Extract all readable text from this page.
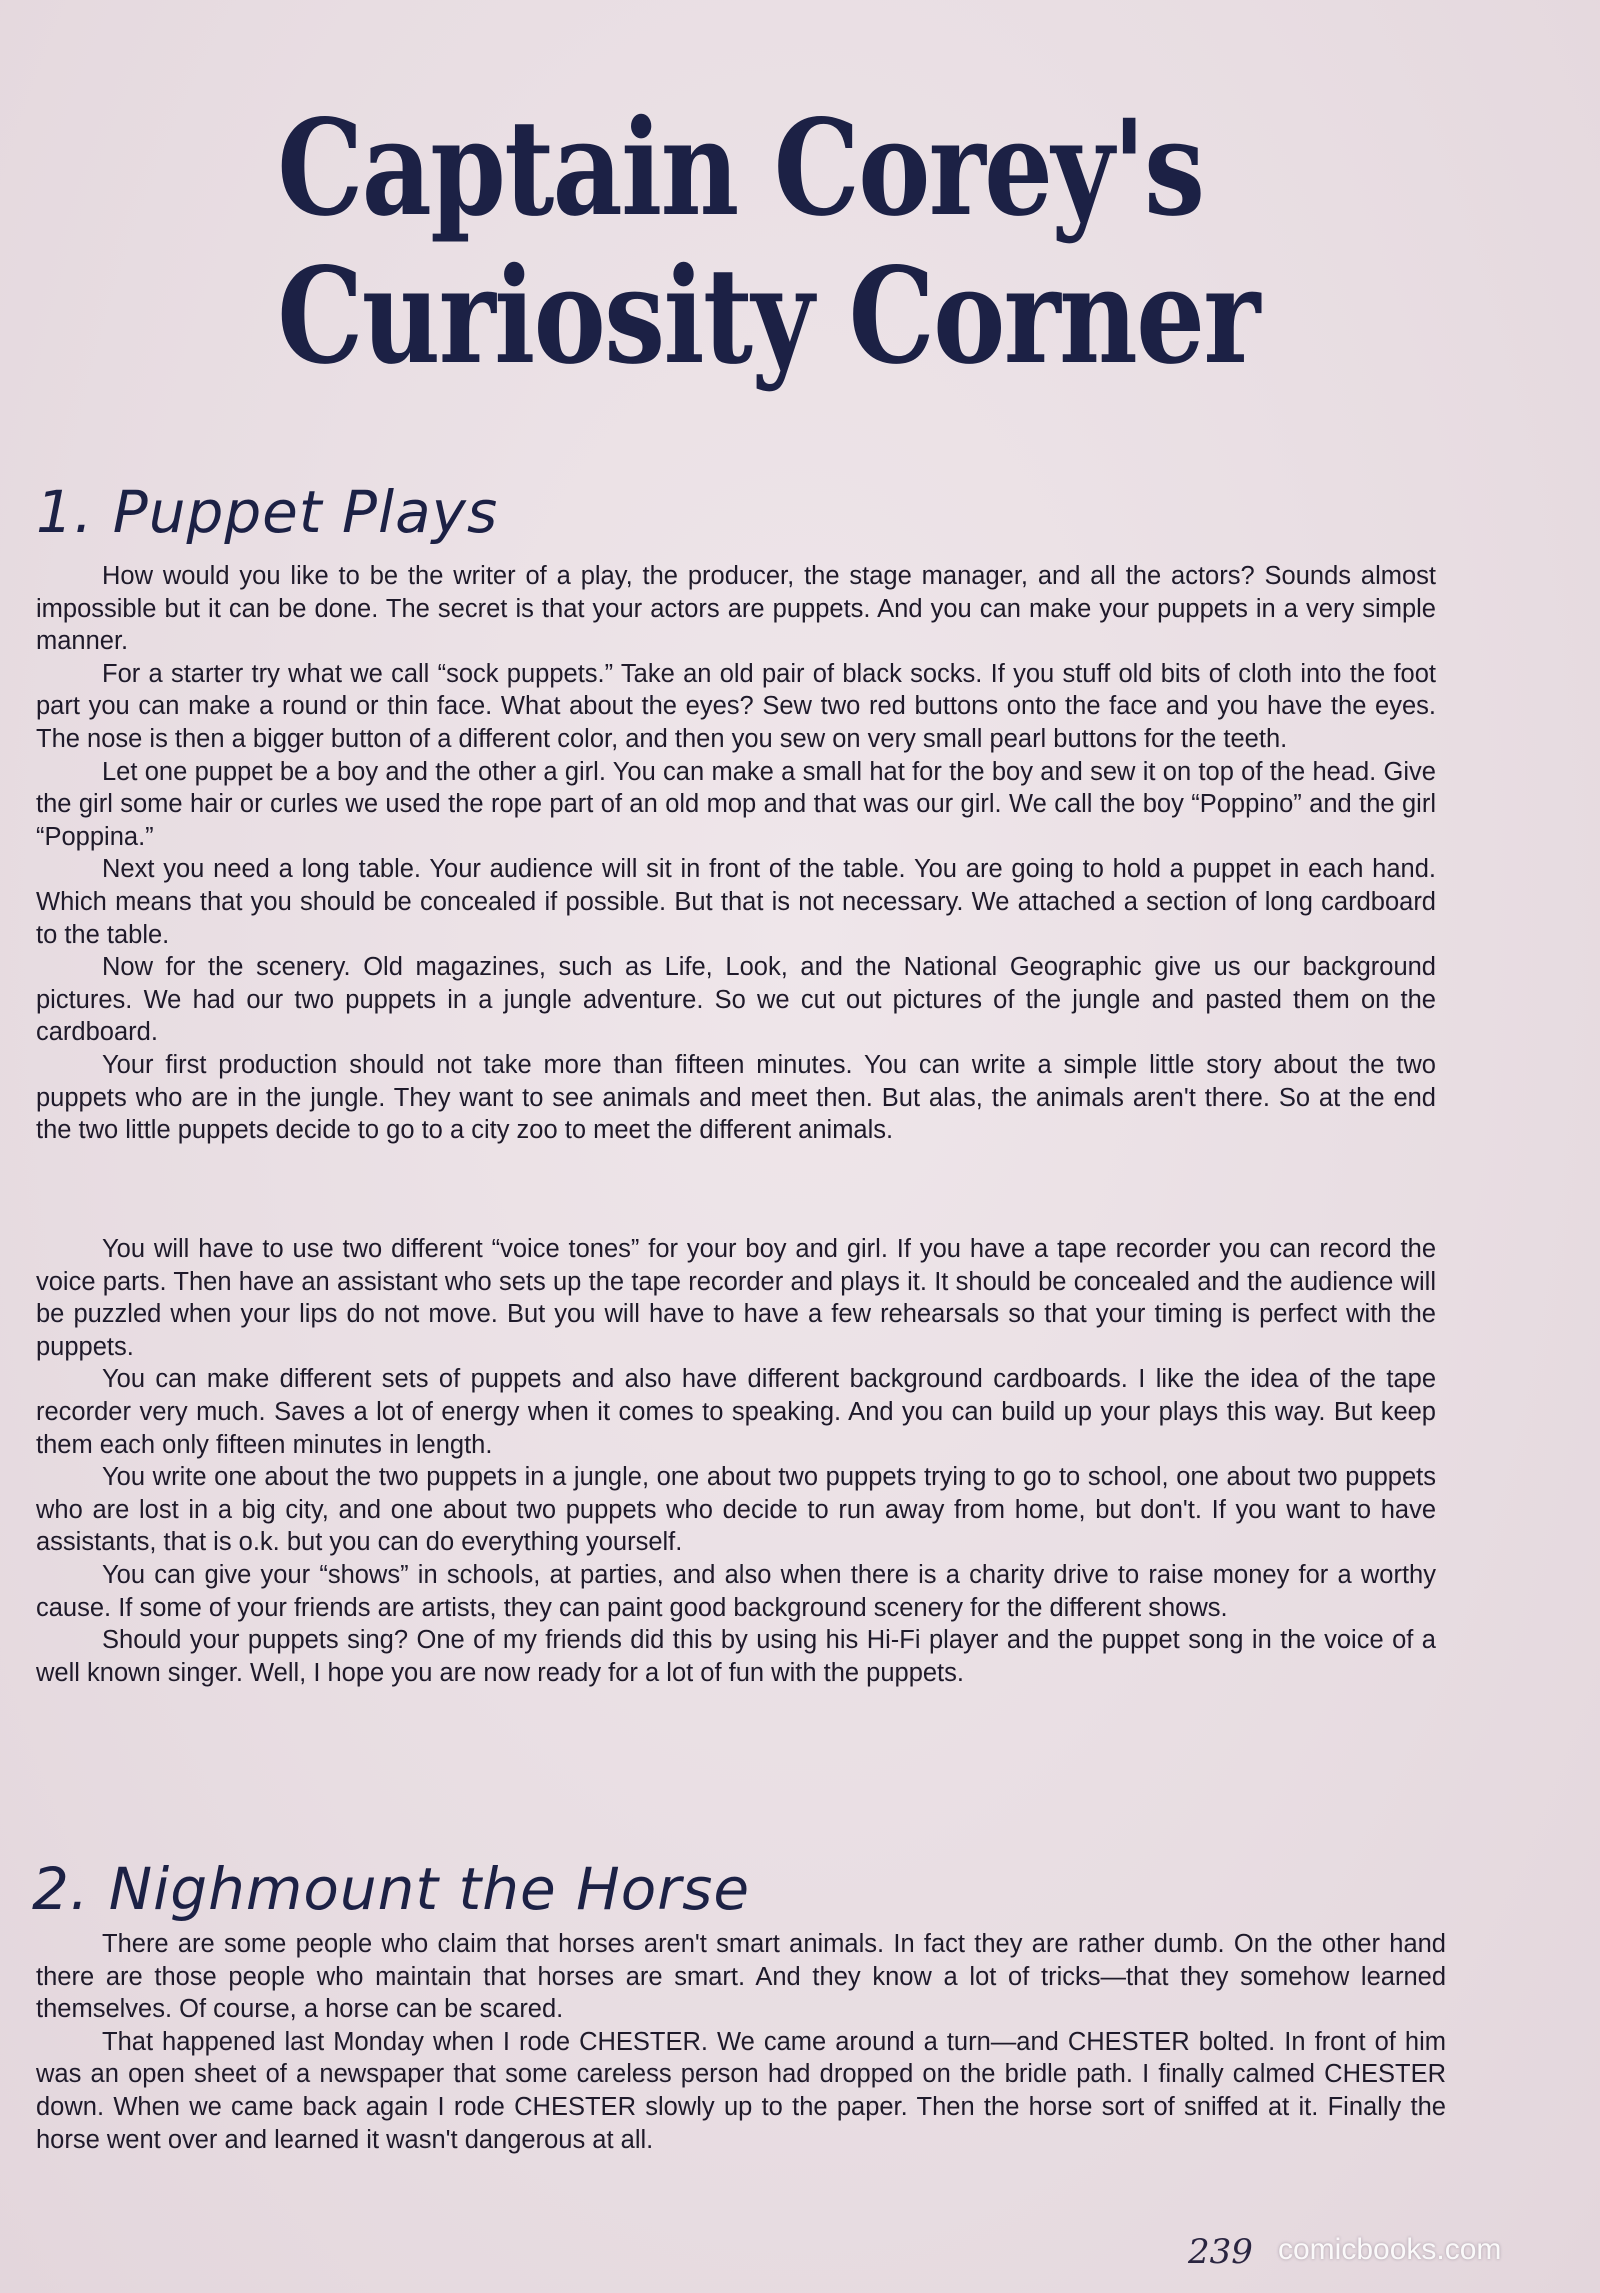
Captain Corey's
Curiosity Corner
1. Puppet Plays

How would you like to be the writer of a play, the producer, the stage manager, and all the actors? Sounds almost impossible but it can be done. The secret is that your actors are puppets. And you can make your puppets in a very simple manner.

For a starter try what we call “sock puppets.” Take an old pair of black socks. If you stuff old bits of cloth into the foot part you can make a round or thin face. What about the eyes? Sew two red buttons onto the face and you have the eyes. The nose is then a bigger button of a different color, and then you sew on very small pearl buttons for the teeth.

Let one puppet be a boy and the other a girl. You can make a small hat for the boy and sew it on top of the head. Give the girl some hair or curles we used the rope part of an old mop and that was our girl. We call the boy “Poppino” and the girl “Poppina.”

Next you need a long table. Your audience will sit in front of the table. You are going to hold a puppet in each hand. Which means that you should be concealed if possible. But that is not necessary. We attached a section of long cardboard to the table.

Now for the scenery. Old magazines, such as Life, Look, and the National Geographic give us our background pictures. We had our two puppets in a jungle adventure. So we cut out pictures of the jungle and pasted them on the cardboard.

Your first production should not take more than fifteen minutes. You can write a simple little story about the two puppets who are in the jungle. They want to see animals and meet then. But alas, the animals aren't there. So at the end the two little puppets decide to go to a city zoo to meet the different animals.

You will have to use two different “voice tones” for your boy and girl. If you have a tape recorder you can record the voice parts. Then have an assistant who sets up the tape recorder and plays it. It should be concealed and the audience will be puzzled when your lips do not move. But you will have to have a few rehearsals so that your timing is perfect with the puppets.

You can make different sets of puppets and also have different background cardboards. I like the idea of the tape recorder very much. Saves a lot of energy when it comes to speaking. And you can build up your plays this way. But keep them each only fifteen minutes in length.

You write one about the two puppets in a jungle, one about two puppets trying to go to school, one about two puppets who are lost in a big city, and one about two puppets who decide to run away from home, but don't. If you want to have assistants, that is o.k. but you can do everything yourself.

You can give your “shows” in schools, at parties, and also when there is a charity drive to raise money for a worthy cause. If some of your friends are artists, they can paint good background scenery for the different shows.

Should your puppets sing? One of my friends did this by using his Hi-Fi player and the puppet song in the voice of a well known singer. Well, I hope you are now ready for a lot of fun with the puppets.

2. Nighmount the Horse

There are some people who claim that horses aren't smart animals. In fact they are rather dumb. On the other hand there are those people who maintain that horses are smart. And they know a lot of tricks—that they somehow learned themselves. Of course, a horse can be scared.

That happened last Monday when I rode CHESTER. We came around a turn—and CHESTER bolted. In front of him was an open sheet of a newspaper that some careless person had dropped on the bridle path. I finally calmed CHESTER down. When we came back again I rode CHESTER slowly up to the paper. Then the horse sort of sniffed at it. Finally the horse went over and learned it wasn't dangerous at all.

239 comicbooks.com
